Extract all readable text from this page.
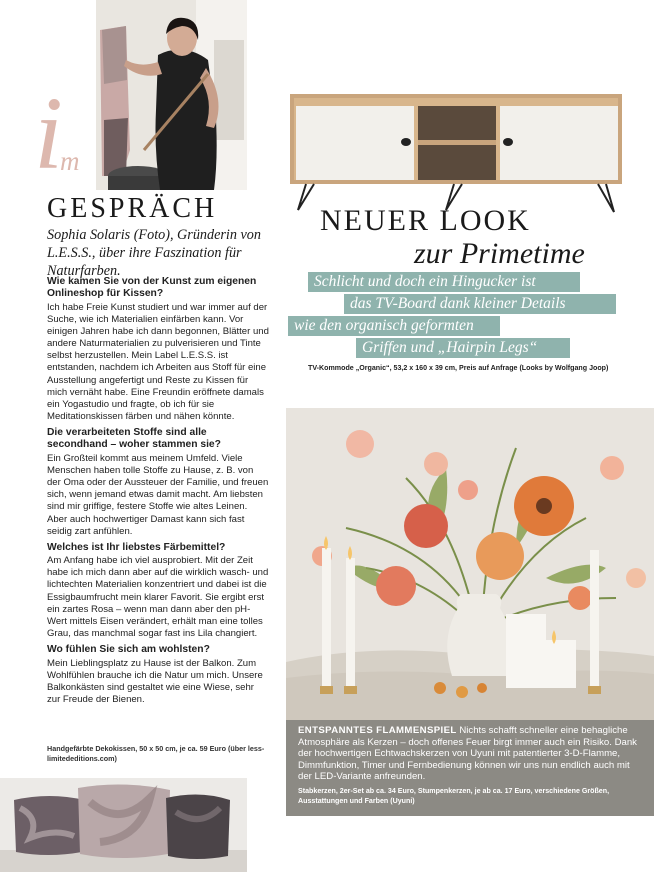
i
m
GESPRÄCH
Sophia Solaris (Foto), Gründerin von L.E.S.S., über ihre Faszination für Naturfarben.
Wie kamen Sie von der Kunst zum eigenen Onlineshop für Kissen?
Ich habe Freie Kunst studiert und war immer auf der Suche, wie ich Materialien einfärben kann. Vor einigen Jahren habe ich dann begonnen, Blätter und andere Naturmaterialien zu pulverisieren und Tinte selbst herzustellen. Mein Label L.E.S.S. ist entstanden, nachdem ich Arbeiten aus Stoff für eine Ausstellung angefertigt und Reste zu Kissen für mich vernäht habe. Eine Freundin eröffnete damals ein Yogastudio und fragte, ob ich für sie Meditationskissen färben und nähen könnte.
Die verarbeiteten Stoffe sind alle secondhand – woher stammen sie?
Ein Großteil kommt aus meinem Umfeld. Viele Menschen haben tolle Stoffe zu Hause, z. B. von der Oma oder der Aussteuer der Familie, und freuen sich, wenn jemand etwas damit macht. Am liebsten sind mir griffige, festere Stoffe wie altes Leinen. Aber auch hochwertiger Damast kann sich fast seidig zart anfühlen.
Welches ist Ihr liebstes Färbemittel?
Am Anfang habe ich viel ausprobiert. Mit der Zeit habe ich mich dann aber auf die wirklich wasch- und lichtechten Materialien konzentriert und dabei ist die Essigbaumfrucht mein klarer Favorit. Sie ergibt erst ein zartes Rosa – wenn man dann aber den pH-Wert mittels Eisen verändert, erhält man eine tolles Grau, das manchmal sogar fast ins Lila changiert.
Wo fühlen Sie sich am wohlsten?
Mein Lieblingsplatz zu Hause ist der Balkon. Zum Wohlfühlen brauche ich die Natur um mich. Unsere Balkonkästen sind gestaltet wie eine Wiese, sehr zur Freude der Bienen.
Handgefärbte Dekokissen, 50 x 50 cm, je ca. 59 Euro (über less-limitededitions.com)
NEUER LOOK
zur Primetime
Schlicht und doch ein Hingucker ist
das TV-Board dank kleiner Details
wie den organisch geformten
Griffen und „Hairpin Legs“
TV-Kommode „Organic“, 53,2 x 160 x 39 cm, Preis auf Anfrage (Looks by Wolfgang Joop)
ENTSPANNTES FLAMMENSPIEL Nichts schafft schneller eine behagliche Atmosphäre als Kerzen – doch offenes Feuer birgt immer auch ein Risiko. Dank der hochwertigen Echtwachskerzen von Uyuni mit patentierter 3-D-Flamme, Dimmfunktion, Timer und Fernbedienung können wir uns nun endlich auch mit der LED-Variante anfreunden.
Stabkerzen, 2er-Set ab ca. 34 Euro, Stumpenkerzen, je ab ca. 17 Euro, verschiedene Größen, Ausstattungen und Farben (Uyuni)
